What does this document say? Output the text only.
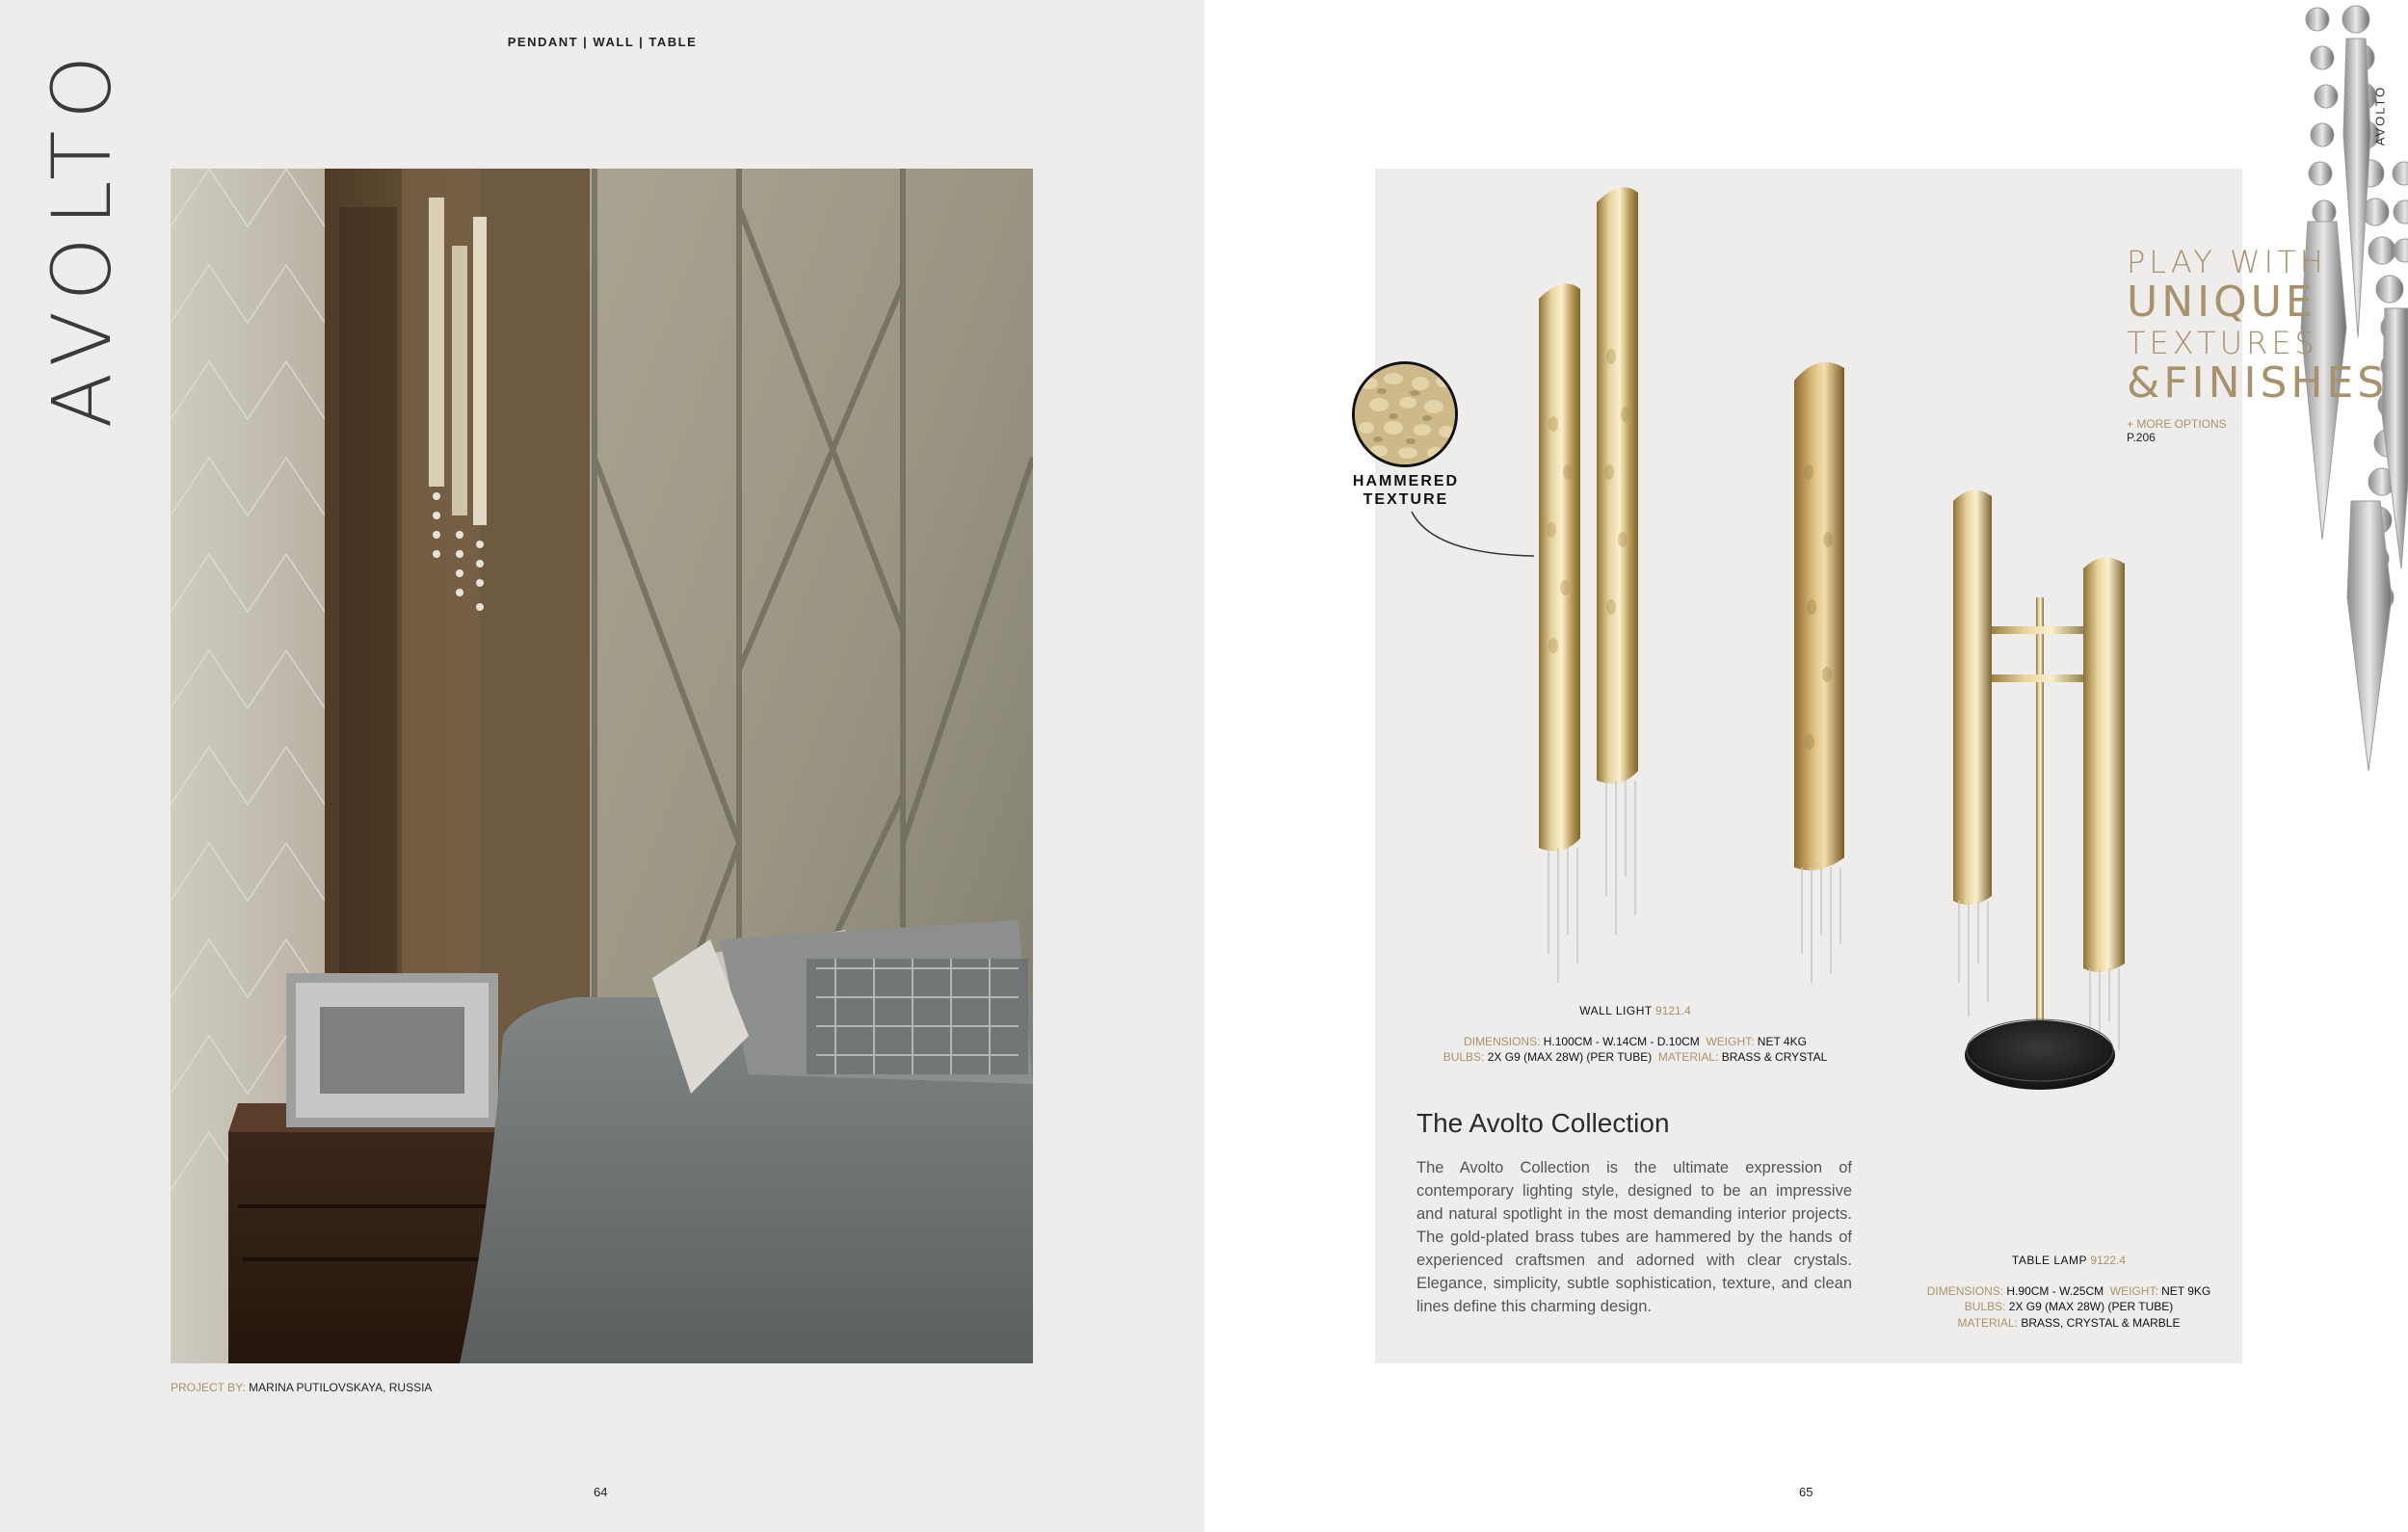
AVOLTO
PENDANT | WALL | TABLE
PROJECT BY: MARINA PUTILOVSKAYA, RUSSIA
64
AVOLTO
PLAY WITH
UNIQUE
TEXTURES
&FINISHES
+ MORE OPTIONS P.206
HAMMERED
TEXTURE
WALL LIGHT 9121.4
DIMENSIONS: H.100CM - W.14CM - D.10CM WEIGHT: NET 4KG
BULBS: 2X G9 (MAX 28W) (PER TUBE) MATERIAL: BRASS & CRYSTAL
The Avolto Collection
The Avolto Collection is the ultimate expression of contemporary lighting style, designed to be an impressive and natural spotlight in the most demanding interior projects. The gold-plated brass tubes are hammered by the hands of experienced craftsmen and adorned with clear crystals. Elegance, simplicity, subtle sophistication, texture, and clean lines define this charming design.
TABLE LAMP 9122.4
DIMENSIONS: H.90CM - W.25CM WEIGHT: NET 9KG
BULBS: 2X G9 (MAX 28W) (PER TUBE)
MATERIAL: BRASS, CRYSTAL & MARBLE
65
